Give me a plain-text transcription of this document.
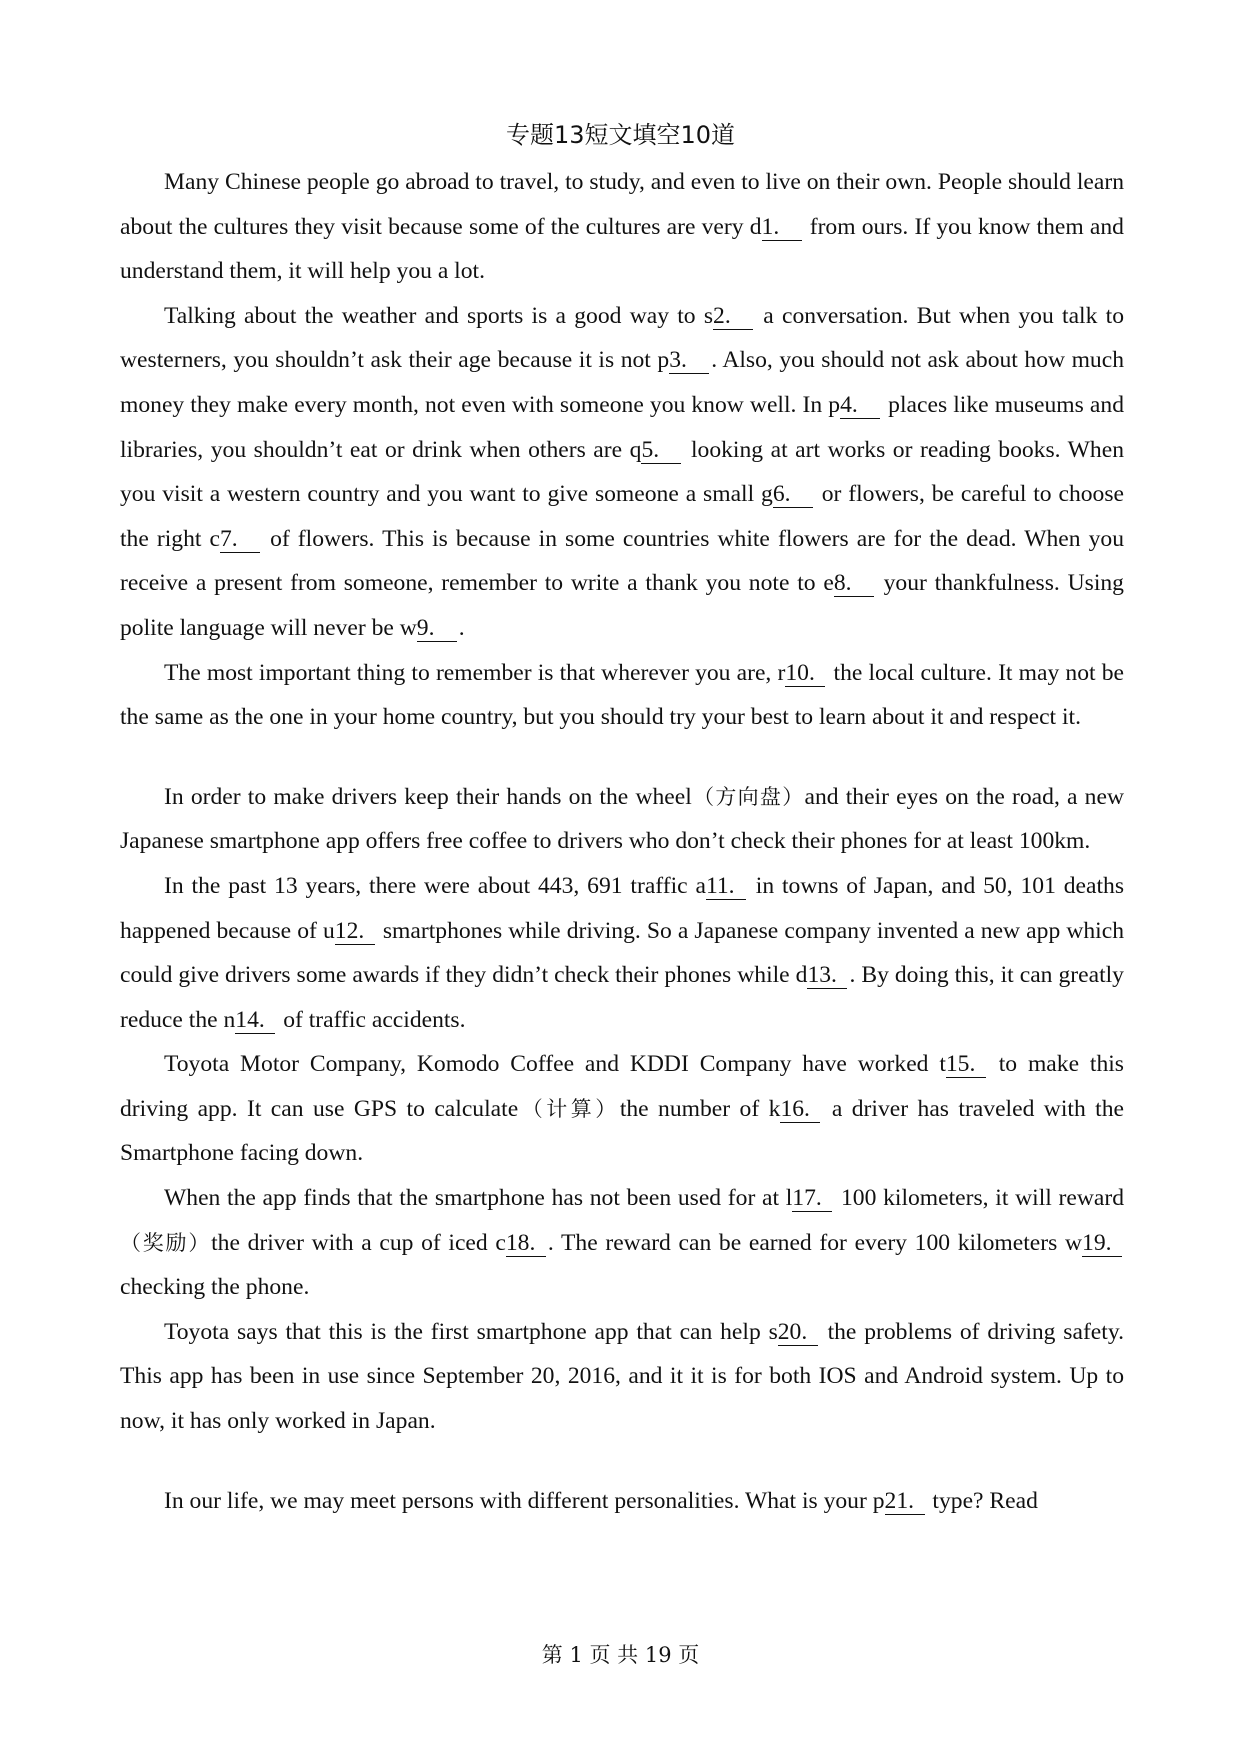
专题13短文填空10道

Many Chinese people go abroad to travel, to study, and even to live on their own. People should learn about the cultures they visit because some of the cultures are very d1. from ours. If you know them and understand them, it will help you a lot.

Talking about the weather and sports is a good way to s2. a conversation. But when you talk to westerners, you shouldn’t ask their age because it is not p3. . Also, you should not ask about how much money they make every month, not even with someone you know well. In p4. places like museums and libraries, you shouldn’t eat or drink when others are q5. looking at art works or reading books. When you visit a western country and you want to give someone a small g6. or flowers, be careful to choose the right c7. of flowers. This is because in some countries white flowers are for the dead. When you receive a present from someone, remember to write a thank you note to e8. your thankfulness. Using polite language will never be w9. .

The most important thing to remember is that wherever you are, r10. the local culture. It may not be the same as the one in your home country, but you should try your best to learn about it and respect it.

In order to make drivers keep their hands on the wheel（方向盘）and their eyes on the road, a new Japanese smartphone app offers free coffee to drivers who don’t check their phones for at least 100km.

In the past 13 years, there were about 443, 691 traffic a11. in towns of Japan, and 50, 101 deaths happened because of u12. smartphones while driving. So a Japanese company invented a new app which could give drivers some awards if they didn’t check their phones while d13. . By doing this, it can greatly reduce the n14. of traffic accidents.

Toyota Motor Company, Komodo Coffee and KDDI Company have worked t15. to make this driving app. It can use GPS to calculate（计算）the number of k16. a driver has traveled with the Smartphone facing down.

When the app finds that the smartphone has not been used for at l17. 100 kilometers, it will reward（奖励）the driver with a cup of iced c18. . The reward can be earned for every 100 kilometers w19. checking the phone.

Toyota says that this is the first smartphone app that can help s20. the problems of driving safety. This app has been in use since September 20, 2016, and it it is for both IOS and Android system. Up to now, it has only worked in Japan.

In our life, we may meet persons with different personalities. What is your p21. type? Read

第 1 页 共 19 页
